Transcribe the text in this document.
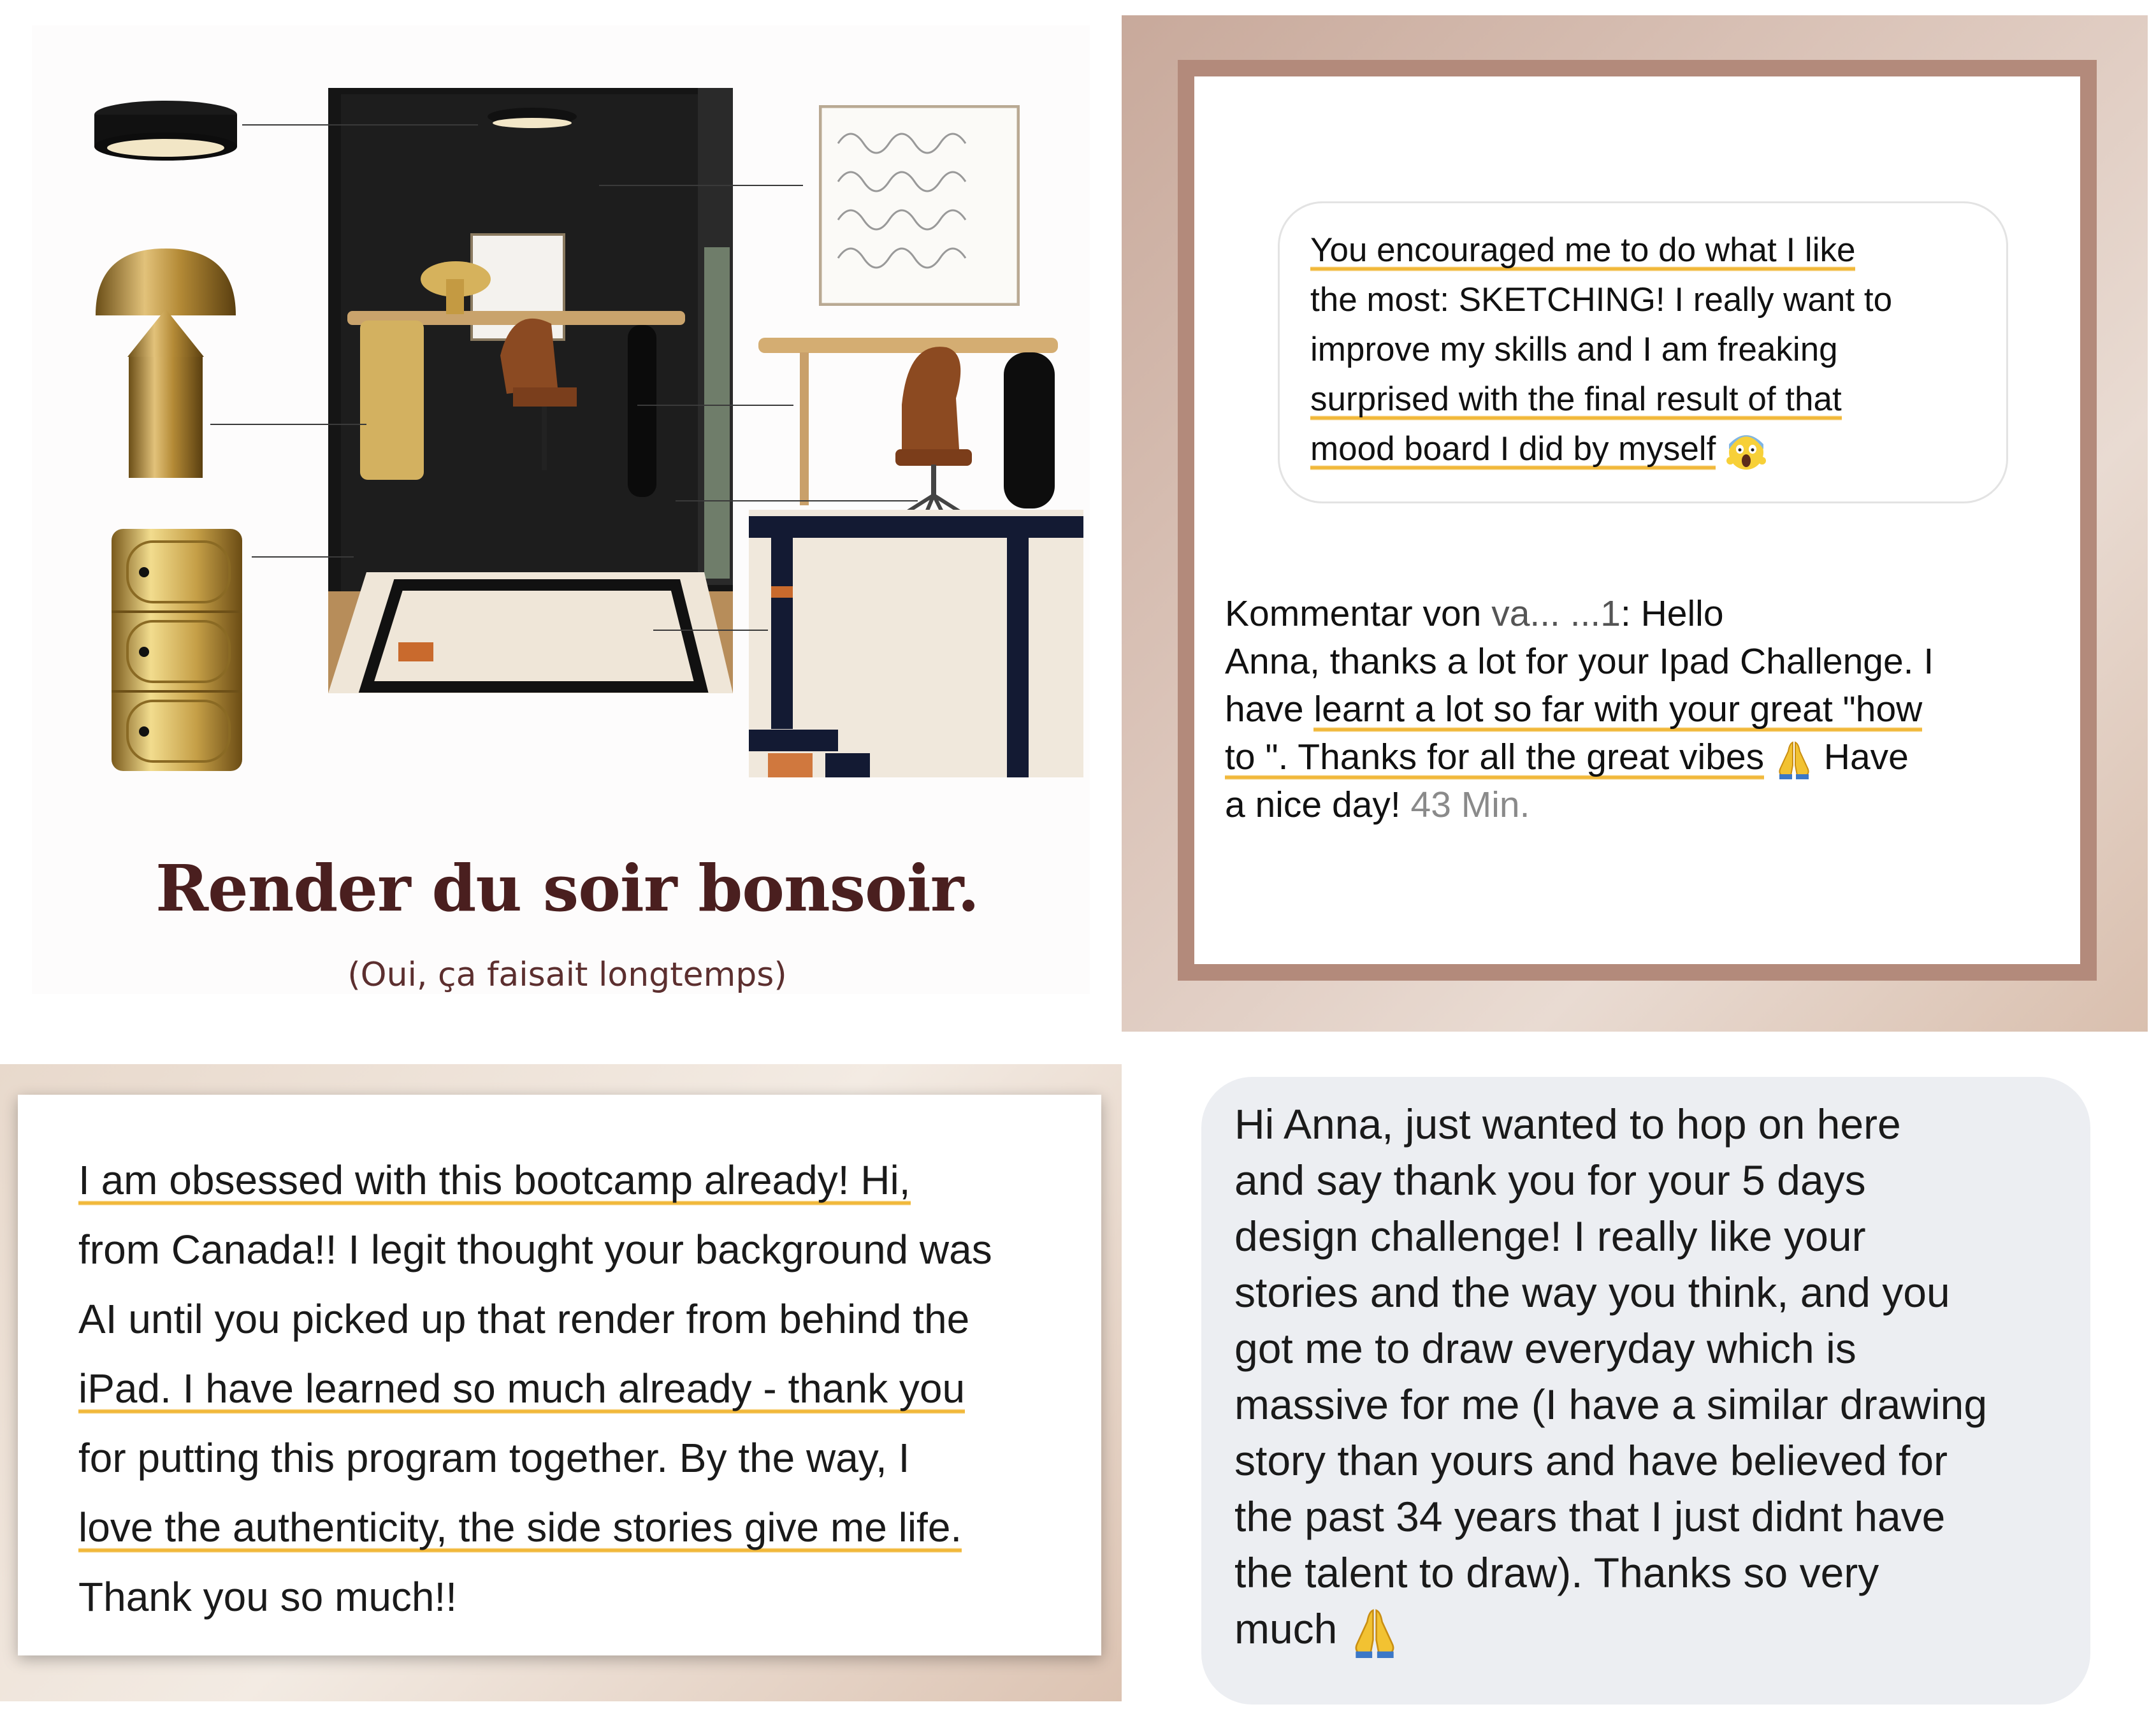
Render du soir bonsoir.
(Oui, ça faisait longtemps)
You encouraged me to do what I like
the most: SKETCHING! I really want to
improve my skills and I am freaking
surprised with the final result of that
mood board I did by myself
Kommentar von va... ...1: Hello
Anna, thanks a lot for your Ipad Challenge. I
have learnt a lot so far with your great "how
to ". Thanks for all the great vibes  Have
a nice day! 43 Min.
I am obsessed with this bootcamp already! Hi,
from Canada!! I legit thought your background was
AI until you picked up that render from behind the
iPad. I have learned so much already - thank you
for putting this program together. By the way, I
love the authenticity, the side stories give me life.
Thank you so much!!
Hi Anna, just wanted to hop on here
and say thank you for your 5 days
design challenge! I really like your
stories and the way you think, and you
got me to draw everyday which is
massive for me (I have a similar drawing
story than yours and have believed for
the past 34 years that I just didnt have
the talent to draw). Thanks so very
much
